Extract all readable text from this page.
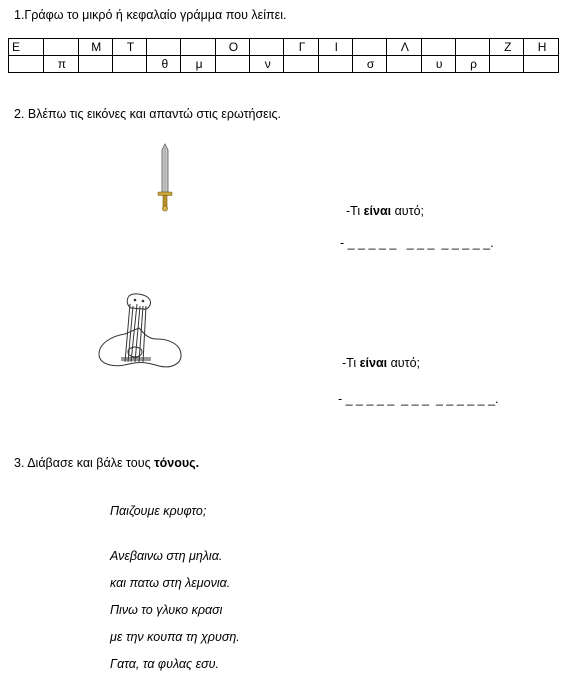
1.Γράφω το μικρό ή κεφαλαίο γράμμα που λείπει.
Ε		Μ	Τ			Ο		Γ	Ι		Λ			Ζ	Η
	π			θ	μ		ν			σ		υ	ρ		
2. Βλέπω τις εικόνες και απαντώ στις ερωτήσεις.
-Τι είναι αυτό;
- _ _ _ _ _   _ _ _  _ _ _ _ _.
-Τι είναι αυτό;
- _ _ _ _ _  _ _ _  _ _ _ _ _ _.
3. Διάβασε και βάλε τους τόνους.
Παιζουμε κρυφτο;
Ανεβαινω στη μηλια.
και πατω στη λεμονια.
Πινω το γλυκο κρασι
με την κουπα τη χρυση.
Γατα, τα φυλας εσυ.
